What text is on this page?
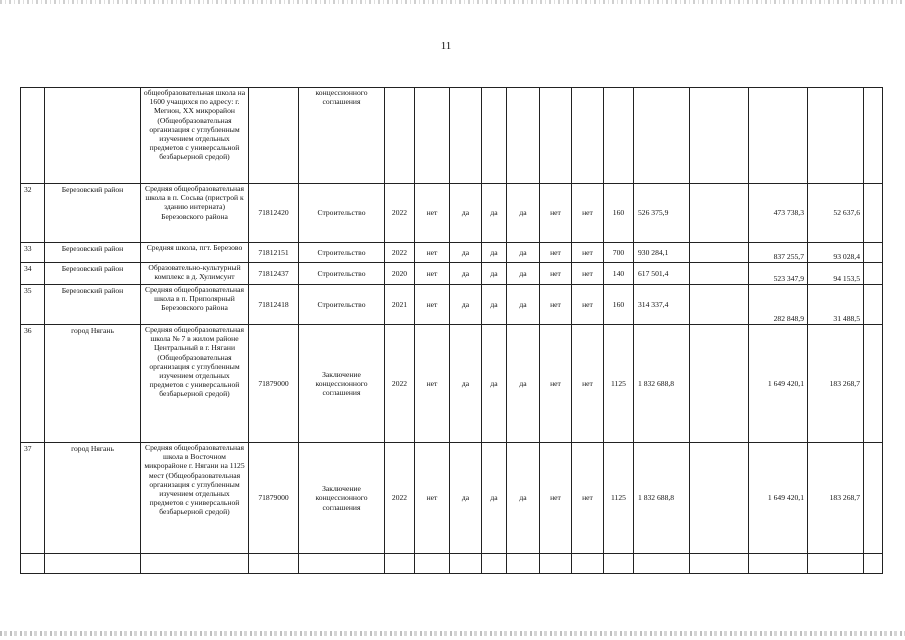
11
		общеобразовательная школа на 1600 учащихся по адресу: г. Мегион, XX микрорайон (Общеобразовательная организация с углубленным изучением отдельных предметов с универсальной безбарьерной средой)		концессионного соглашения													
32	Березовский район	Средняя общеобразовательная школа в п. Сосьва (пристрой к зданию интерната) Березовского района	71812420	Строительство	2022	нет	да	да	да	нет	нет	160	526 375,9		473 738,3	52 637,6	
33	Березовский район	Средняя школа, пгт. Березово	71812151	Строительство	2022	нет	да	да	да	нет	нет	700	930 284,1		837 255,7	93 028,4	
34	Березовский район	Образовательно-культурный комплекс в д. Хулимсунт	71812437	Строительство	2020	нет	да	да	да	нет	нет	140	617 501,4		523 347,9	94 153,5	
35	Березовский район	Средняя общеобразовательная школа в п. Приполярный Березовского района	71812418	Строительство	2021	нет	да	да	да	нет	нет	160	314 337,4		282 848,9	31 488,5	
36	город Нягань	Средняя общеобразовательная школа № 7 в жилом районе Центральный в г. Нягани (Общеобразовательная организация с углубленным изучением отдельных предметов с универсальной безбарьерной средой)	71879000	Заключение концессионного соглашения	2022	нет	да	да	да	нет	нет	1125	1 832 688,8		1 649 420,1	183 268,7	
37	город Нягань	Средняя общеобразовательная школа в Восточном микрорайоне г. Нягани на 1125 мест (Общеобразовательная организация с углубленным изучением отдельных предметов с универсальной безбарьерной средой)	71879000	Заключение концессионного соглашения	2022	нет	да	да	да	нет	нет	1125	1 832 688,8		1 649 420,1	183 268,7	
